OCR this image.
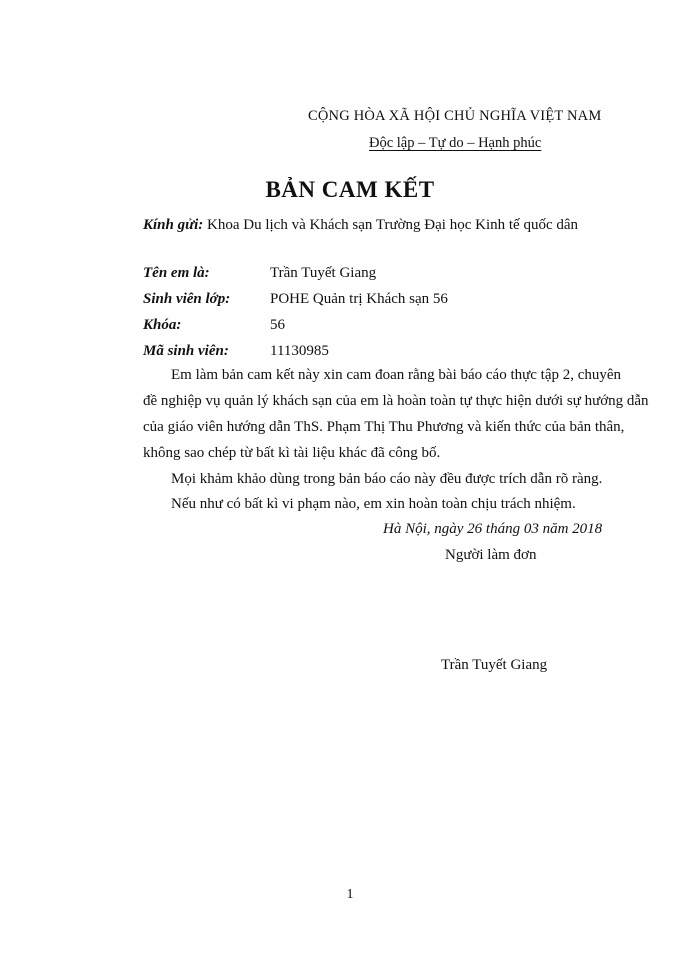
CỘNG HÒA XÃ HỘI CHỦ NGHĨA VIỆT NAM
Độc lập – Tự do – Hạnh phúc
BẢN CAM KẾT
Kính gửi: Khoa Du lịch và Khách sạn Trường Đại học Kinh tế quốc dân
Tên em là:	Trần Tuyết Giang
Sinh viên lớp:	POHE Quản trị Khách sạn 56
Khóa:	56
Mã sinh viên:	11130985
Em làm bản cam kết này xin cam đoan rằng bài báo cáo thực tập 2, chuyên
đề nghiệp vụ quản lý khách sạn của em là hoàn toàn tự thực hiện dưới sự hướng dẫn
của giáo viên hướng dẫn ThS. Phạm Thị Thu Phương và kiến thức của bản thân,
không sao chép từ bất kì tài liệu khác đã công bố.
Mọi khảm khảo dùng trong bản báo cáo này đều được trích dẫn rõ ràng.
Nếu như có bất kì vi phạm nào, em xin hoàn toàn chịu trách nhiệm.
Hà Nội, ngày 26 tháng 03 năm 2018
Người làm đơn
Trần Tuyết Giang
1
